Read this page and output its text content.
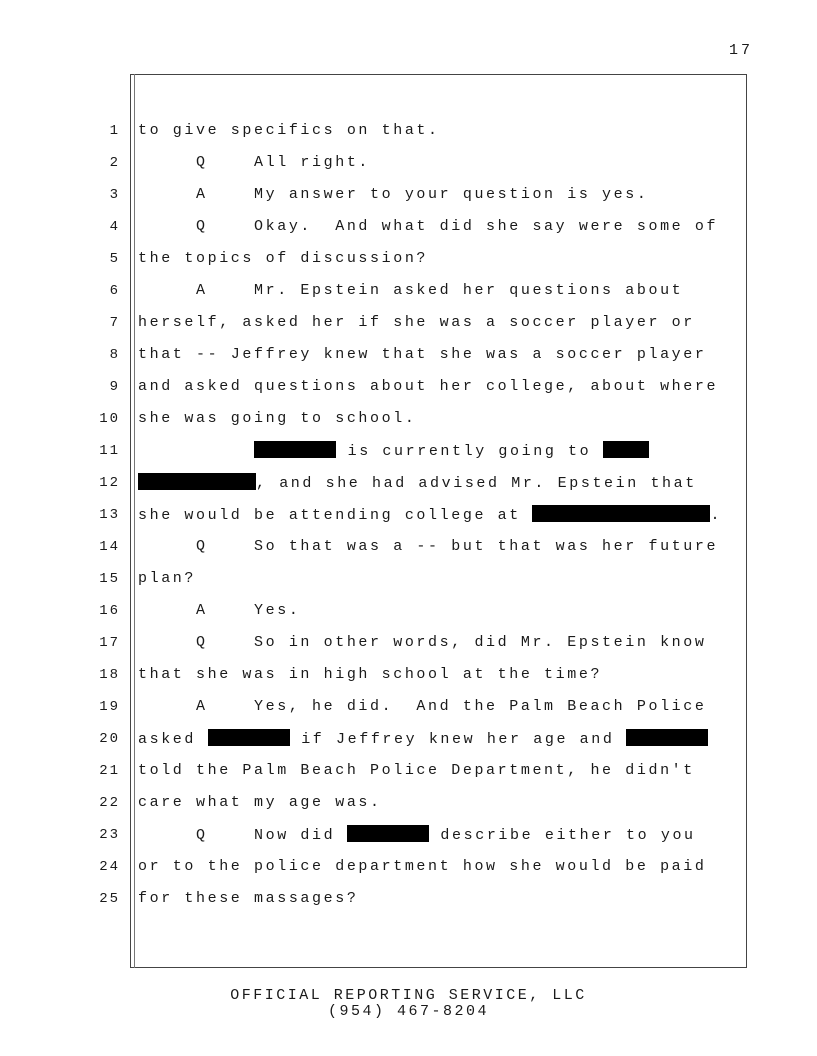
17
1 to give specifics on that.
2 Q    All right.
3 A    My answer to your question is yes.
4 Q    Okay.  And what did she say were some of
5 the topics of discussion?
6 A    Mr. Epstein asked her questions about
7 herself, asked her if she was a soccer player or
8 that -- Jeffrey knew that she was a soccer player
9 and asked questions about her college, about where
10 she was going to school.
11	is currently going to
12	, and she had advised Mr. Epstein that
13 she would be attending college at	.
14 Q    So that was a -- but that was her future
15 plan?
16 A    Yes.
17 Q    So in other words, did Mr. Epstein know
18 that she was in high school at the time?
19 A    Yes, he did.  And the Palm Beach Police
20 asked	if Jeffrey knew her age and
21 told the Palm Beach Police Department, he didn't
22 care what my age was.
23 Q    Now did	describe either to you
24 or to the police department how she would be paid
25 for these massages?
OFFICIAL REPORTING SERVICE, LLC
(954) 467-8204
